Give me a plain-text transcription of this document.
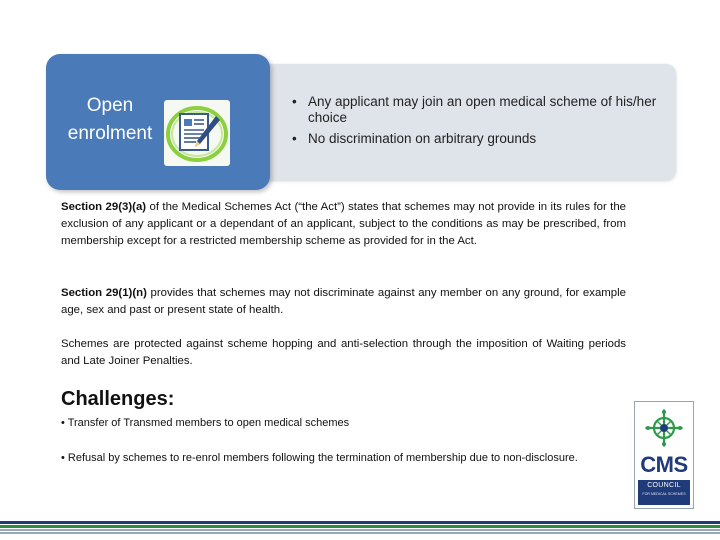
• Any applicant may join an open medical scheme of his/her choice
• No discrimination on arbitrary grounds
Open enrolment

Section 29(3)(a) of the Medical Schemes Act (“the Act”) states that schemes may not provide in its rules for the exclusion of any applicant or a dependant of an applicant, subject to the conditions as may be prescribed, from membership except for a restricted membership scheme as provided for in the Act.

Section 29(1)(n) provides that schemes may not discriminate against any member on any ground, for example age, sex and past or present state of health.

Schemes are protected against scheme hopping and anti-selection through the imposition of Waiting periods and Late Joiner Penalties.

Challenges:

• Transfer of Transmed members to open medical schemes

• Refusal by schemes to re-enrol members following the termination of membership due to non-disclosure.	CMS
COUNCIL
FOR MEDICAL SCHEMES
